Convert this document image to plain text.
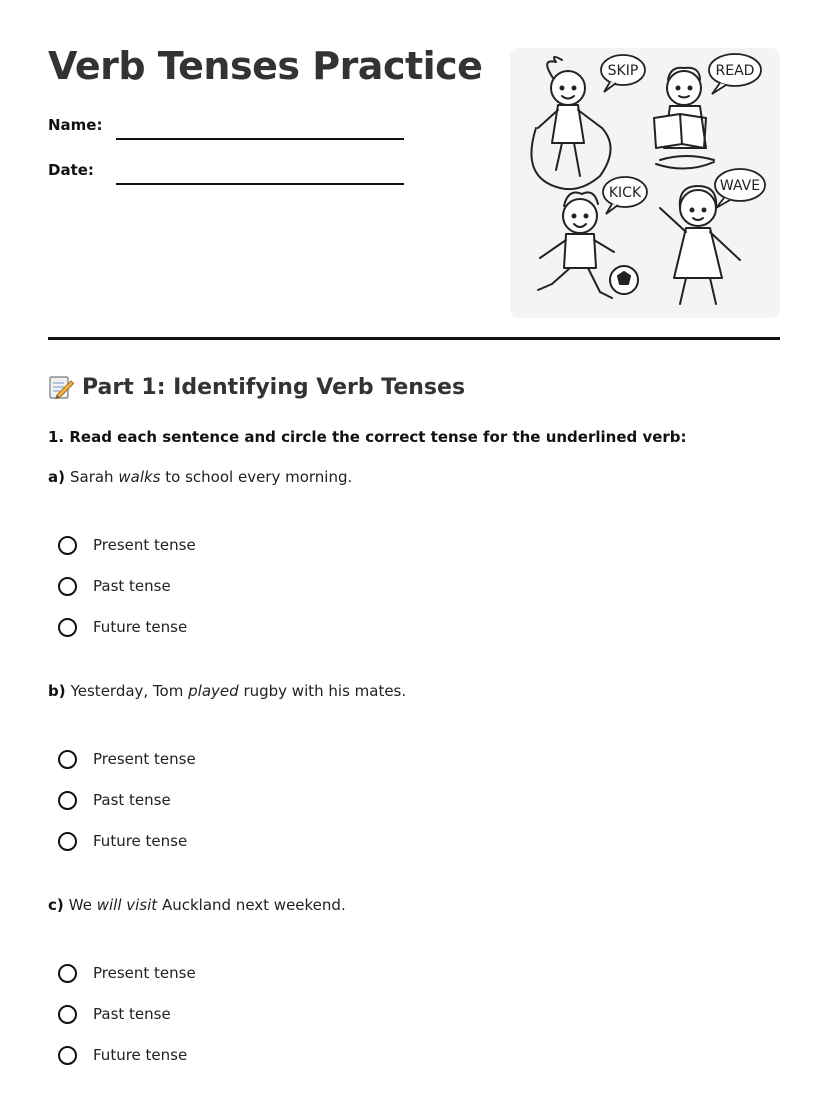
Verb Tenses Practice
Name:
Date:
SKIP	READ
KICK	WAVE
Part 1: Identifying Verb Tenses
1. Read each sentence and circle the correct tense for the underlined verb:
a) Sarah walks to school every morning.
Present tense
Past tense
Future tense
b) Yesterday, Tom played rugby with his mates.
Present tense
Past tense
Future tense
c) We will visit Auckland next weekend.
Present tense
Past tense
Future tense
